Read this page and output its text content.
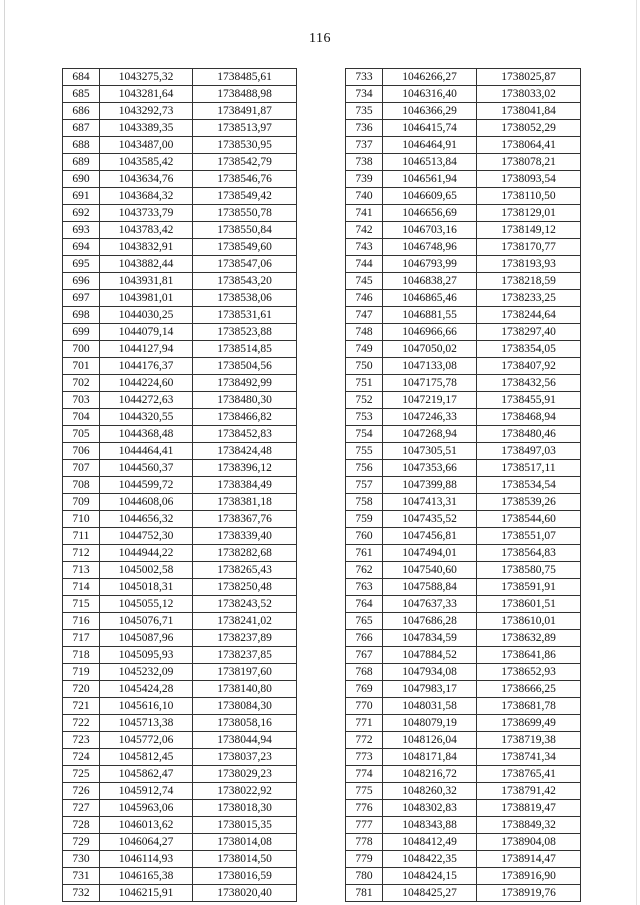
116
684	1043275,32	1738485,61
685	1043281,64	1738488,98
686	1043292,73	1738491,87
687	1043389,35	1738513,97
688	1043487,00	1738530,95
689	1043585,42	1738542,79
690	1043634,76	1738546,76
691	1043684,32	1738549,42
692	1043733,79	1738550,78
693	1043783,42	1738550,84
694	1043832,91	1738549,60
695	1043882,44	1738547,06
696	1043931,81	1738543,20
697	1043981,01	1738538,06
698	1044030,25	1738531,61
699	1044079,14	1738523,88
700	1044127,94	1738514,85
701	1044176,37	1738504,56
702	1044224,60	1738492,99
703	1044272,63	1738480,30
704	1044320,55	1738466,82
705	1044368,48	1738452,83
706	1044464,41	1738424,48
707	1044560,37	1738396,12
708	1044599,72	1738384,49
709	1044608,06	1738381,18
710	1044656,32	1738367,76
711	1044752,30	1738339,40
712	1044944,22	1738282,68
713	1045002,58	1738265,43
714	1045018,31	1738250,48
715	1045055,12	1738243,52
716	1045076,71	1738241,02
717	1045087,96	1738237,89
718	1045095,93	1738237,85
719	1045232,09	1738197,60
720	1045424,28	1738140,80
721	1045616,10	1738084,30
722	1045713,38	1738058,16
723	1045772,06	1738044,94
724	1045812,45	1738037,23
725	1045862,47	1738029,23
726	1045912,74	1738022,92
727	1045963,06	1738018,30
728	1046013,62	1738015,35
729	1046064,27	1738014,08
730	1046114,93	1738014,50
731	1046165,38	1738016,59
732	1046215,91	1738020,40
733	1046266,27	1738025,87
734	1046316,40	1738033,02
735	1046366,29	1738041,84
736	1046415,74	1738052,29
737	1046464,91	1738064,41
738	1046513,84	1738078,21
739	1046561,94	1738093,54
740	1046609,65	1738110,50
741	1046656,69	1738129,01
742	1046703,16	1738149,12
743	1046748,96	1738170,77
744	1046793,99	1738193,93
745	1046838,27	1738218,59
746	1046865,46	1738233,25
747	1046881,55	1738244,64
748	1046966,66	1738297,40
749	1047050,02	1738354,05
750	1047133,08	1738407,92
751	1047175,78	1738432,56
752	1047219,17	1738455,91
753	1047246,33	1738468,94
754	1047268,94	1738480,46
755	1047305,51	1738497,03
756	1047353,66	1738517,11
757	1047399,88	1738534,54
758	1047413,31	1738539,26
759	1047435,52	1738544,60
760	1047456,81	1738551,07
761	1047494,01	1738564,83
762	1047540,60	1738580,75
763	1047588,84	1738591,91
764	1047637,33	1738601,51
765	1047686,28	1738610,01
766	1047834,59	1738632,89
767	1047884,52	1738641,86
768	1047934,08	1738652,93
769	1047983,17	1738666,25
770	1048031,58	1738681,78
771	1048079,19	1738699,49
772	1048126,04	1738719,38
773	1048171,84	1738741,34
774	1048216,72	1738765,41
775	1048260,32	1738791,42
776	1048302,83	1738819,47
777	1048343,88	1738849,32
778	1048412,49	1738904,08
779	1048422,35	1738914,47
780	1048424,15	1738916,90
781	1048425,27	1738919,76
